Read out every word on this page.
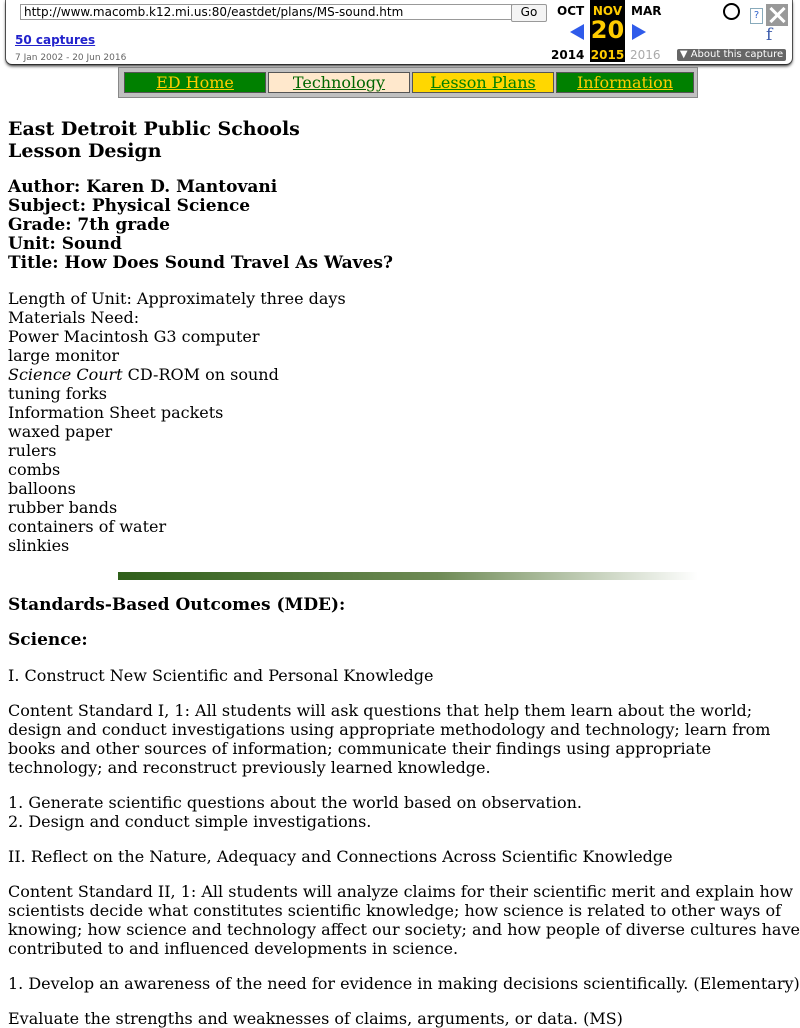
http://www.macomb.k12.mi.us:80/eastdet/plans/MS-sound.htm	Go
50 captures
7 Jan 2002 - 20 Jun 2016
OCT NOV
20
2015
MAR
2014	2016
?
f
▼ About this capture
ED Home	Technology	Lesson Plans	Information
East Detroit Public Schools
Lesson Design
Author: Karen D. Mantovani
Subject: Physical Science
Grade: 7th grade
Unit: Sound
Title: How Does Sound Travel As Waves?
Length of Unit: Approximately three days
Materials Need:
Power Macintosh G3 computer
large monitor
Science Court CD-ROM on sound
tuning forks
Information Sheet packets
waxed paper
rulers
combs
balloons
rubber bands
containers of water
slinkies
Standards-Based Outcomes (MDE):
Science:
I. Construct New Scientific and Personal Knowledge
Content Standard I, 1: All students will ask questions that help them learn about the world;
design and conduct investigations using appropriate methodology and technology; learn from
books and other sources of information; communicate their findings using appropriate
technology; and reconstruct previously learned knowledge.
1. Generate scientific questions about the world based on observation.
2. Design and conduct simple investigations.
II. Reflect on the Nature, Adequacy and Connections Across Scientific Knowledge
Content Standard II, 1: All students will analyze claims for their scientific merit and explain how
scientists decide what constitutes scientific knowledge; how science is related to other ways of
knowing; how science and technology affect our society; and how people of diverse cultures have
contributed to and influenced developments in science.
1. Develop an awareness of the need for evidence in making decisions scientifically. (Elementary)
Evaluate the strengths and weaknesses of claims, arguments, or data. (MS)
